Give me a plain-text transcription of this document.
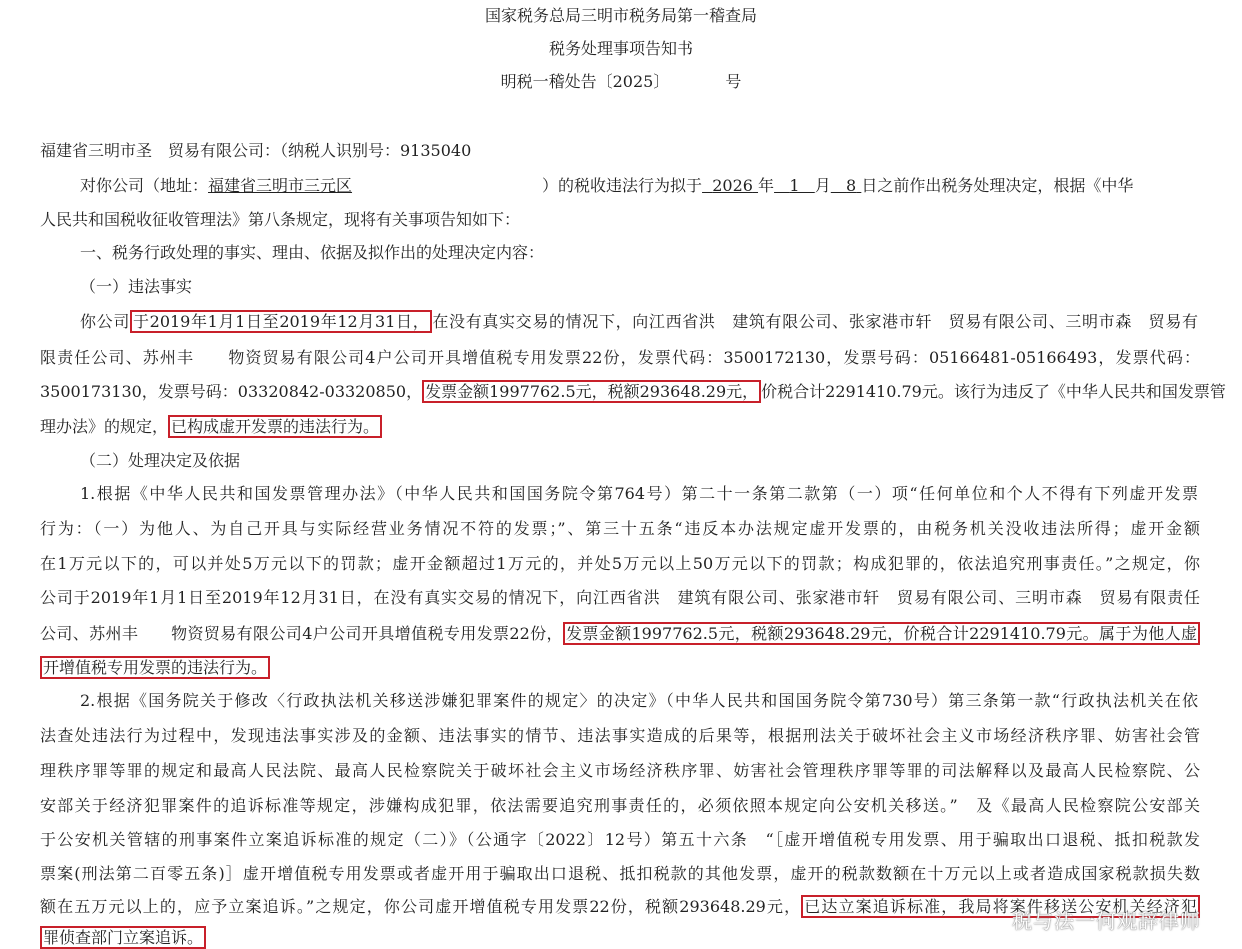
国家税务总局三明市税务局第一稽查局
税务处理事项告知书
明税一稽处告〔2025〕	号
福建省三明市圣　贸易有限公司：（纳税人识别号：9135040
对你公司（地址：福建省三明市三元区	）的税收违法行为拟于 2026 年 1 月 8 日之前作出税务处理决定，根据《中华
人民共和国税收征收管理法》第八条规定，现将有关事项告知如下：
一、税务行政处理的事实、理由、依据及拟作出的处理决定内容：
（一）违法事实
你公司 于2019年1月1日至2019年12月31日， 在没有真实交易的情况下，向江西省洪　建筑有限公司、张家港市轩　贸易有限公司、三明市森　贸易有
限责任公司、苏州丰　　物资贸易有限公司4户公司开具增值税专用发票22份，发票代码：3500172130，发票号码：05166481-05166493，发票代码：
3500173130，发票号码：03320842-03320850， 发票金额1997762.5元，税额293648.29元， 价税合计2291410.79元。该行为违反了《中华人民共和国发票管
理办法》的规定， 已构成虚开发票的违法行为。
（二）处理决定及依据
1.根据《中华人民共和国发票管理办法》（中华人民共和国国务院令第764号）第二十一条第二款第（一）项“任何单位和个人不得有下列虚开发票
行为：（一）为他人、为自己开具与实际经营业务情况不符的发票；”、第三十五条“违反本办法规定虚开发票的，由税务机关没收违法所得；虚开金额
在1万元以下的，可以并处5万元以下的罚款；虚开金额超过1万元的，并处5万元以上50万元以下的罚款；构成犯罪的，依法追究刑事责任。”之规定，你
公司于2019年1月1日至2019年12月31日，在没有真实交易的情况下，向江西省洪　建筑有限公司、张家港市轩　贸易有限公司、三明市森　贸易有限责任
公司、苏州丰　　物资贸易有限公司4户公司开具增值税专用发票22份， 发票金额1997762.5元，税额293648.29元，价税合计2291410.79元。属于为他人虚
开增值税专用发票的违法行为。
2.根据《国务院关于修改〈行政执法机关移送涉嫌犯罪案件的规定〉的决定》（中华人民共和国国务院令第730号）第三条第一款“行政执法机关在依
法查处违法行为过程中，发现违法事实涉及的金额、违法事实的情节、违法事实造成的后果等，根据刑法关于破坏社会主义市场经济秩序罪、妨害社会管
理秩序罪等罪的规定和最高人民法院、最高人民检察院关于破坏社会主义市场经济秩序罪、妨害社会管理秩序罪等罪的司法解释以及最高人民检察院、公
安部关于经济犯罪案件的追诉标准等规定，涉嫌构成犯罪，依法需要追究刑事责任的，必须依照本规定向公安机关移送。”　及《最高人民检察院公安部关
于公安机关管辖的刑事案件立案追诉标准的规定（二）》（公通字〔2022〕12号）第五十六条　“［虚开增值税专用发票、用于骗取出口退税、抵扣税款发
票案(刑法第二百零五条)］虚开增值税专用发票或者虚开用于骗取出口退税、抵扣税款的其他发票，虚开的税款数额在十万元以上或者造成国家税款损失数
额在五万元以上的，应予立案追诉。”之规定，你公司虚开增值税专用发票22份，税额293648.29元， 已达立案追诉标准，我局将案件移送公安机关经济犯
罪侦查部门立案追诉。
税与法一何观辞律师
